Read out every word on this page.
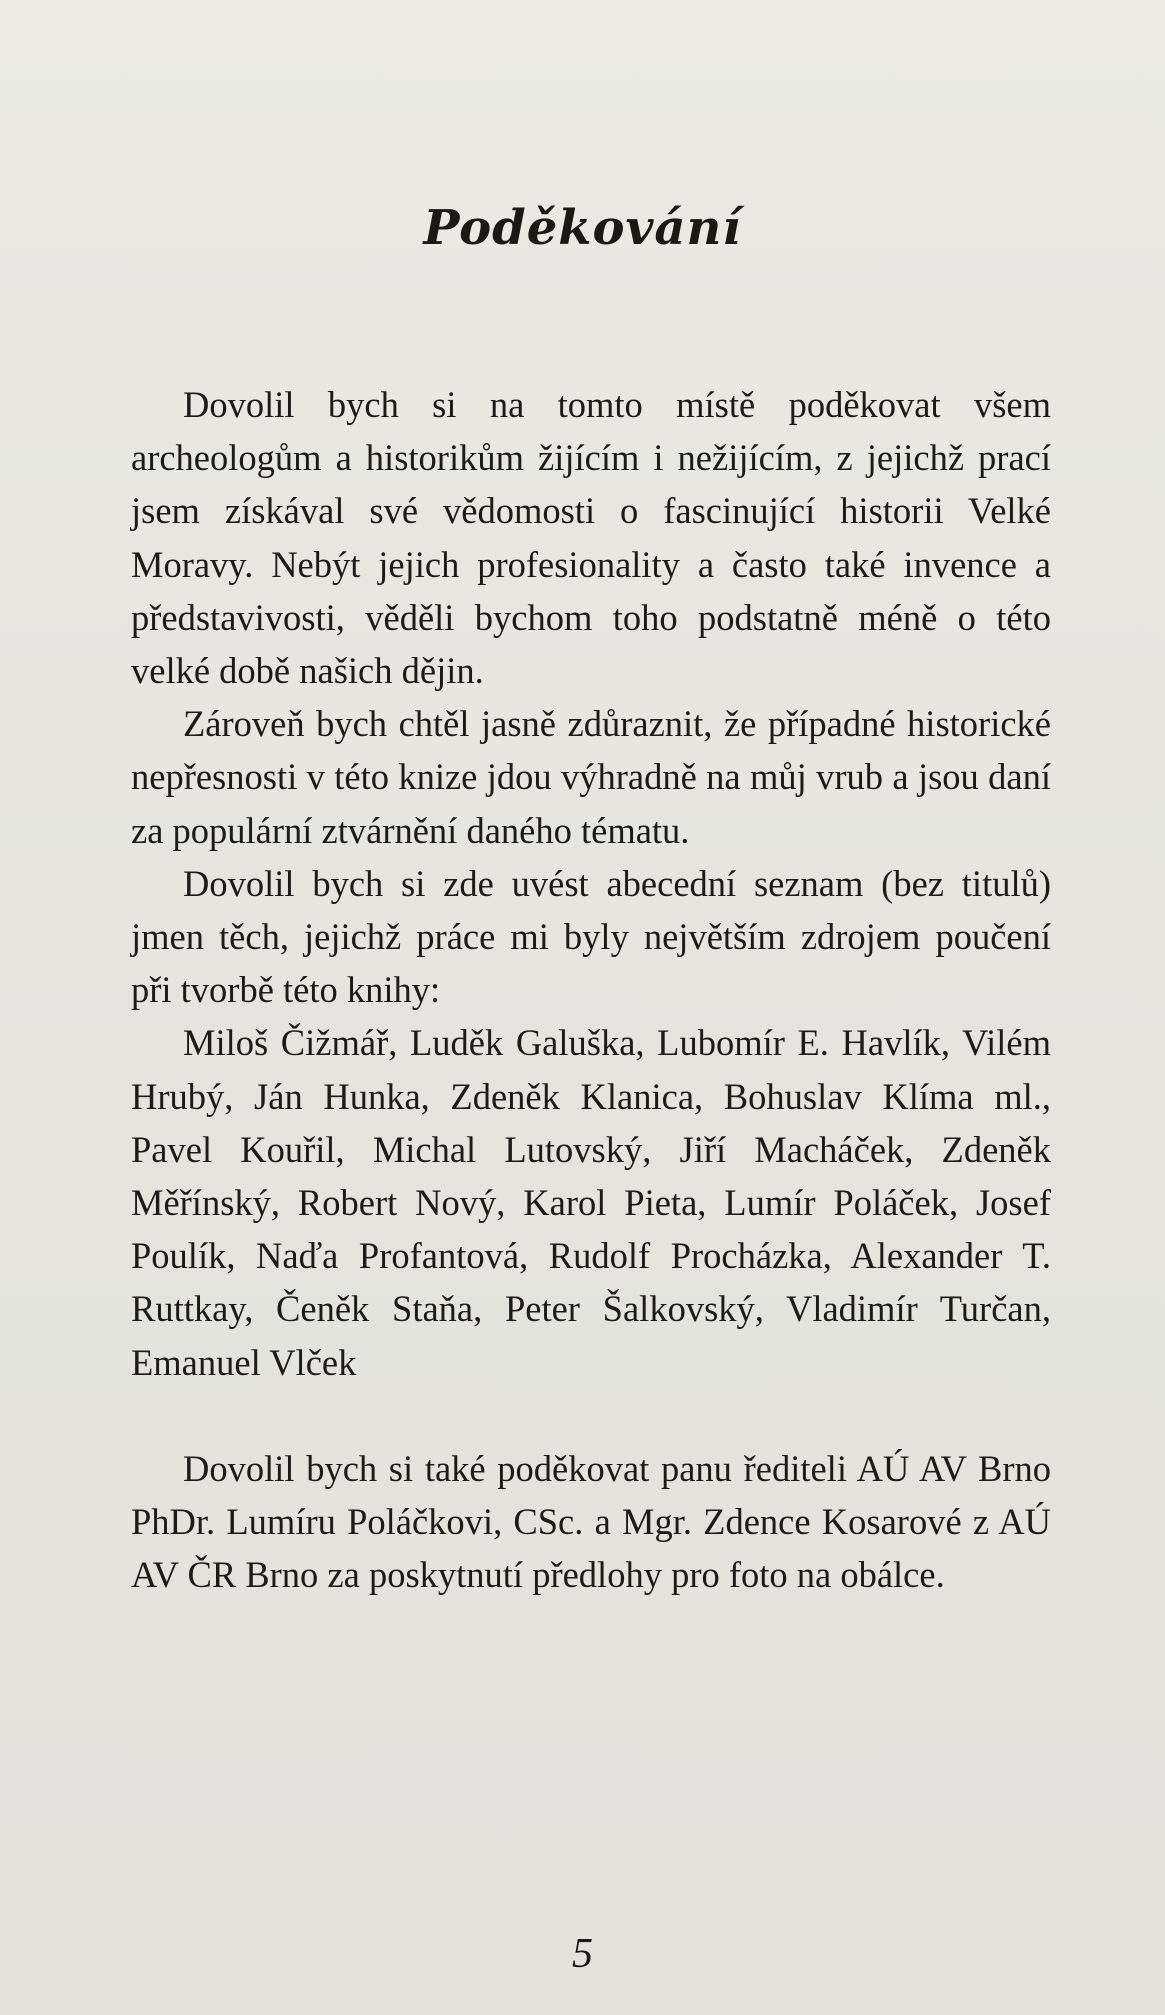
Poděkování

Dovolil bych si na tomto místě poděkovat všem archeologům a historikům žijícím i nežijícím, z jejichž prací jsem získával své vědomosti o fascinující historii Velké Moravy. Nebýt jejich profesionality a často také invence a představivosti, věděli bychom toho podstatně méně o této velké době našich dějin.

Zároveň bych chtěl jasně zdůraznit, že případné historické nepřesnosti v této knize jdou výhradně na můj vrub a jsou daní za populární ztvárnění daného tématu.

Dovolil bych si zde uvést abecední seznam (bez titulů) jmen těch, jejichž práce mi byly největším zdrojem poučení při tvorbě této knihy:

Miloš Čižmář, Luděk Galuška, Lubomír E. Havlík, Vilém Hrubý, Ján Hunka, Zdeněk Klanica, Bohuslav Klíma ml., Pavel Kouřil, Michal Lutovský, Jiří Macháček, Zdeněk Měřínský, Robert Nový, Karol Pieta, Lumír Poláček, Josef Poulík, Naďa Profantová, Rudolf Procházka, Alexander T. Ruttkay, Čeněk Staňa, Peter Šalkovský, Vladimír Turčan, Emanuel Vlček

Dovolil bych si také poděkovat panu řediteli AÚ AV Brno PhDr. Lumíru Poláčkovi, CSc. a Mgr. Zdence Kosarové z AÚ AV ČR Brno za poskytnutí předlohy pro foto na obálce.

5
